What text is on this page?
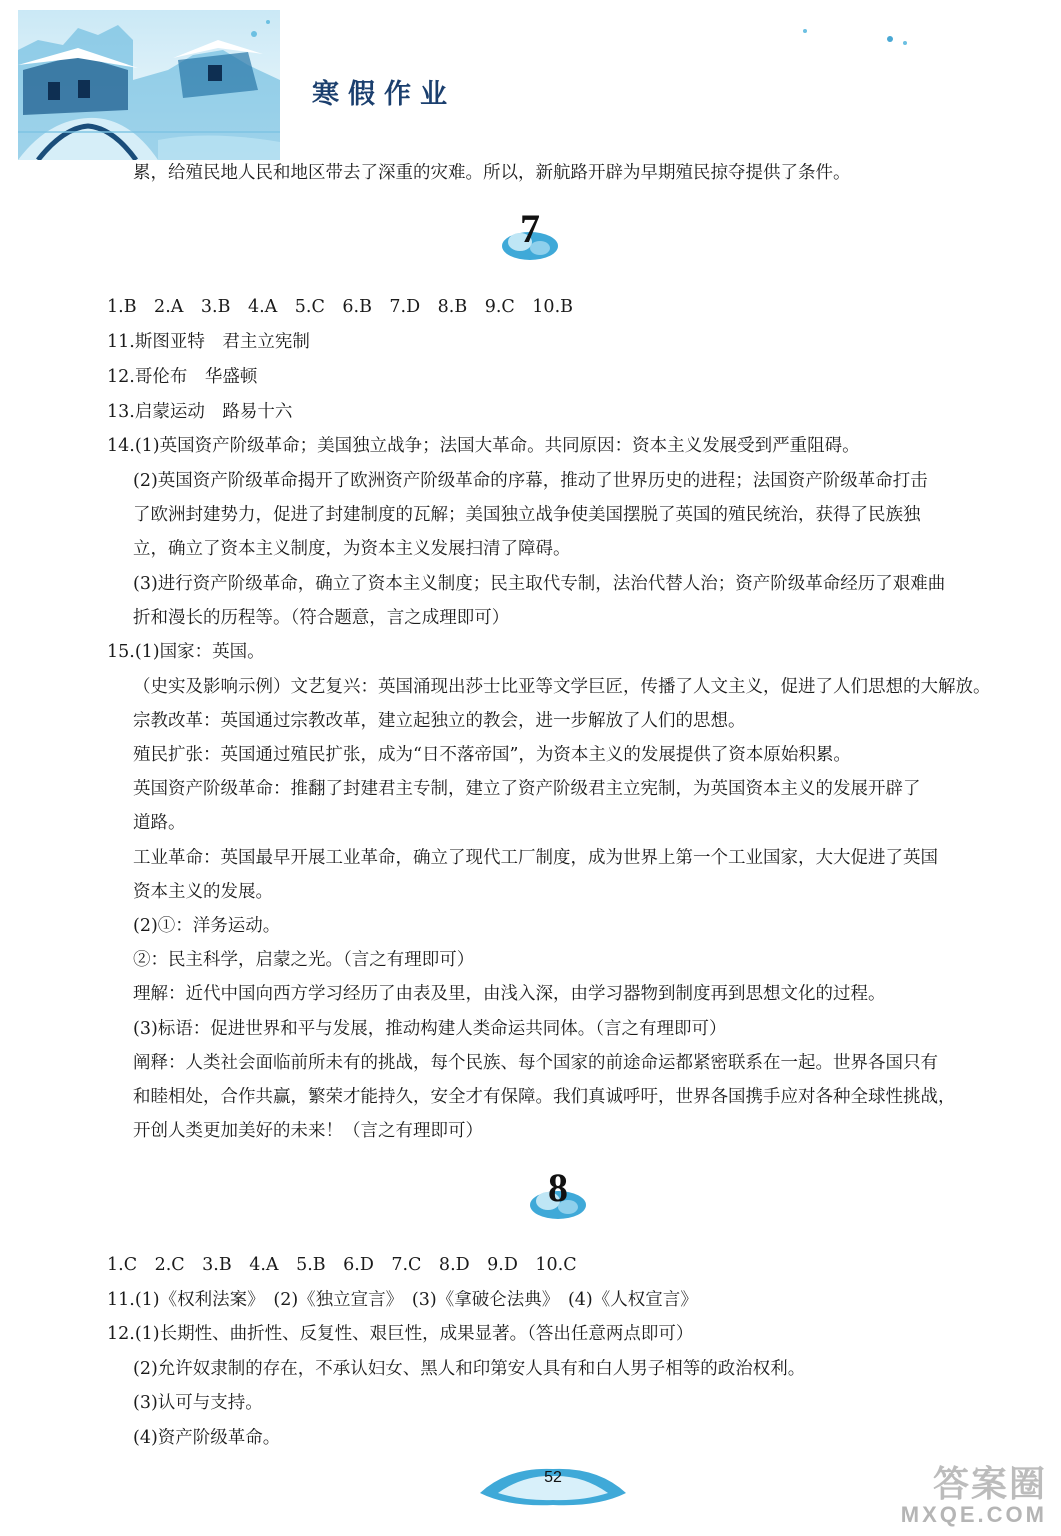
寒假作业
累，给殖民地人民和地区带去了深重的灾难。所以，新航路开辟为早期殖民掠夺提供了条件。
7
1.B　2.A　3.B　4.A　5.C　6.B　7.D　8.B　9.C　10.B
11.斯图亚特　君主立宪制
12.哥伦布　华盛顿
13.启蒙运动　路易十六
14.(1)英国资产阶级革命；美国独立战争；法国大革命。共同原因：资本主义发展受到严重阻碍。
(2)英国资产阶级革命揭开了欧洲资产阶级革命的序幕，推动了世界历史的进程；法国资产阶级革命打击
了欧洲封建势力，促进了封建制度的瓦解；美国独立战争使美国摆脱了英国的殖民统治，获得了民族独
立，确立了资本主义制度，为资本主义发展扫清了障碍。
(3)进行资产阶级革命，确立了资本主义制度；民主取代专制，法治代替人治；资产阶级革命经历了艰难曲
折和漫长的历程等。（符合题意，言之成理即可）
15.(1)国家：英国。
（史实及影响示例）文艺复兴：英国涌现出莎士比亚等文学巨匠，传播了人文主义，促进了人们思想的大解放。
宗教改革：英国通过宗教改革，建立起独立的教会，进一步解放了人们的思想。
殖民扩张：英国通过殖民扩张，成为“日不落帝国”，为资本主义的发展提供了资本原始积累。
英国资产阶级革命：推翻了封建君主专制，建立了资产阶级君主立宪制，为英国资本主义的发展开辟了
道路。
工业革命：英国最早开展工业革命，确立了现代工厂制度，成为世界上第一个工业国家，大大促进了英国
资本主义的发展。
(2)①：洋务运动。
②：民主科学，启蒙之光。（言之有理即可）
理解：近代中国向西方学习经历了由表及里，由浅入深，由学习器物到制度再到思想文化的过程。
(3)标语：促进世界和平与发展，推动构建人类命运共同体。（言之有理即可）
阐释：人类社会面临前所未有的挑战，每个民族、每个国家的前途命运都紧密联系在一起。世界各国只有
和睦相处，合作共赢，繁荣才能持久，安全才有保障。我们真诚呼吁，世界各国携手应对各种全球性挑战，
开创人类更加美好的未来！（言之有理即可）
8
1.C　2.C　3.B　4.A　5.B　6.D　7.C　8.D　9.D　10.C
11.(1)《权利法案》　(2)《独立宣言》　(3)《拿破仑法典》　(4)《人权宣言》
12.(1)长期性、曲折性、反复性、艰巨性，成果显著。（答出任意两点即可）
(2)允许奴隶制的存在，不承认妇女、黑人和印第安人具有和白人男子相等的政治权利。
(3)认可与支持。
(4)资产阶级革命。
52	答案圈
MXQE.COM
